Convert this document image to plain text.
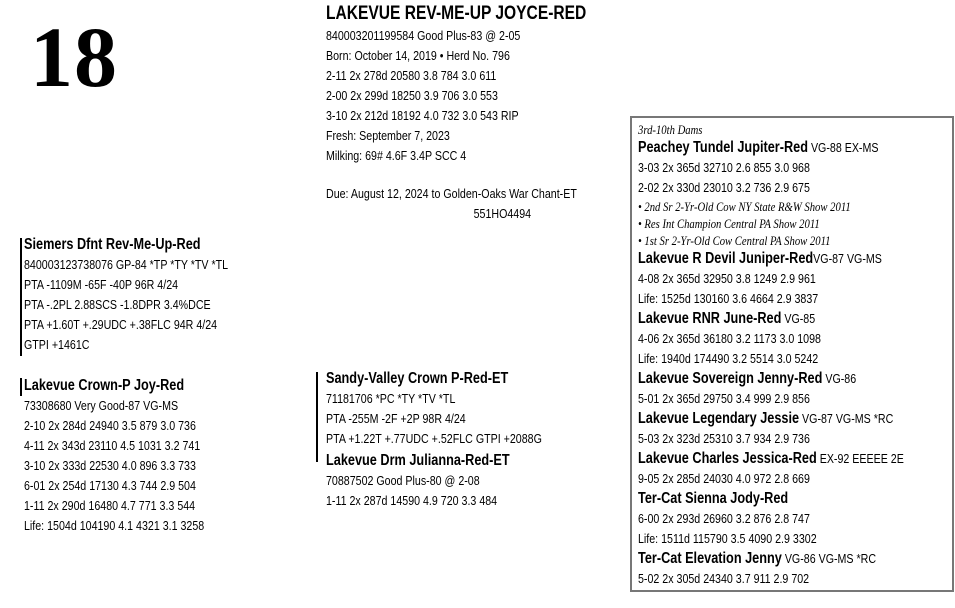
18	LAKEVUE REV-ME-UP JOYCE-RED
840003201199584 Good Plus-83 @ 2-05
Born: October 14, 2019 • Herd No. 796
2-11 2x 278d 20580 3.8 784 3.0 611
2-00 2x 299d 18250 3.9 706 3.0 553
3-10 2x 212d 18192 4.0 732 3.0 543 RIP
Fresh: September 7, 2023
Milking: 69# 4.6F 3.4P SCC 4
Due: August 12, 2024 to Golden-Oaks War Chant-ET
551HO4494
Siemers Dfnt Rev-Me-Up-Red
840003123738076 GP-84 *TP *TY *TV *TL
PTA -1109M -65F -40P 96R 4/24
PTA -.2PL 2.88SCS -1.8DPR 3.4%DCE
PTA +1.60T +.29UDC +.38FLC 94R 4/24
GTPI +1461C
Lakevue Crown-P Joy-Red
73308680 Very Good-87 VG-MS
2-10 2x 284d 24940 3.5 879 3.0 736
4-11 2x 343d 23110 4.5 1031 3.2 741
3-10 2x 333d 22530 4.0 896 3.3 733
6-01 2x 254d 17130 4.3 744 2.9 504
1-11 2x 290d 16480 4.7 771 3.3 544
Life: 1504d 104190 4.1 4321 3.1 3258
Sandy-Valley Crown P-Red-ET
71181706 *PC *TY *TV *TL
PTA -255M -2F +2P 98R 4/24
PTA +1.22T +.77UDC +.52FLC GTPI +2088G
Lakevue Drm Julianna-Red-ET
70887502 Good Plus-80 @ 2-08
1-11 2x 287d 14590 4.9 720 3.3 484
3rd-10th Dams
Peachey Tundel Jupiter-Red VG-88 EX-MS
3-03 2x 365d 32710 2.6 855 3.0 968
2-02 2x 330d 23010 3.2 736 2.9 675
• 2nd Sr 2-Yr-Old Cow NY State R&W Show 2011
• Res Int Champion Central PA Show 2011
• 1st Sr 2-Yr-Old Cow Central PA Show 2011
Lakevue R Devil Juniper-RedVG-87 VG-MS
4-08 2x 365d 32950 3.8 1249 2.9 961
Life: 1525d 130160 3.6 4664 2.9 3837
Lakevue RNR June-Red VG-85
4-06 2x 365d 36180 3.2 1173 3.0 1098
Life: 1940d 174490 3.2 5514 3.0 5242
Lakevue Sovereign Jenny-Red VG-86
5-01 2x 365d 29750 3.4 999 2.9 856
Lakevue Legendary Jessie VG-87 VG-MS *RC
5-03 2x 323d 25310 3.7 934 2.9 736
Lakevue Charles Jessica-Red EX-92 EEEEE 2E
9-05 2x 285d 24030 4.0 972 2.8 669
Ter-Cat Sienna Jody-Red
6-00 2x 293d 26960 3.2 876 2.8 747
Life: 1511d 115790 3.5 4090 2.9 3302
Ter-Cat Elevation Jenny VG-86 VG-MS *RC
5-02 2x 305d 24340 3.7 911 2.9 702
